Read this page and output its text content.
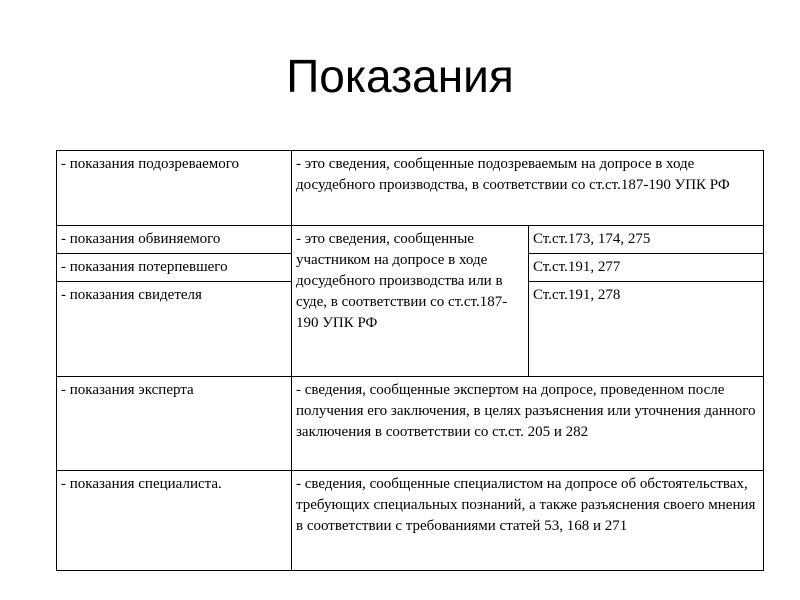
Показания
- показания подозреваемого	- это сведения, сообщенные подозреваемым на допросе в ходе досудебного производства, в соответствии со ст.ст.187-190 УПК РФ	
- показания обвиняемого	- это сведения, сообщенные участником на допросе в ходе досудебного производства или в суде, в соответствии со ст.ст.187-190 УПК РФ	Ст.ст.173, 174, 275
- показания потерпевшего		Ст.ст.191, 277
- показания свидетеля		Ст.ст.191, 278
- показания эксперта	- сведения, сообщенные экспертом на допросе, проведенном после получения его заключения, в целях разъяснения или уточнения данного заключения в соответствии со ст.ст. 205 и 282	
- показания специалиста.	- сведения, сообщенные специалистом на допросе об обстоятельствах, требующих специальных познаний, а также разъяснения своего мнения в соответствии с требованиями статей 53, 168 и 271	
